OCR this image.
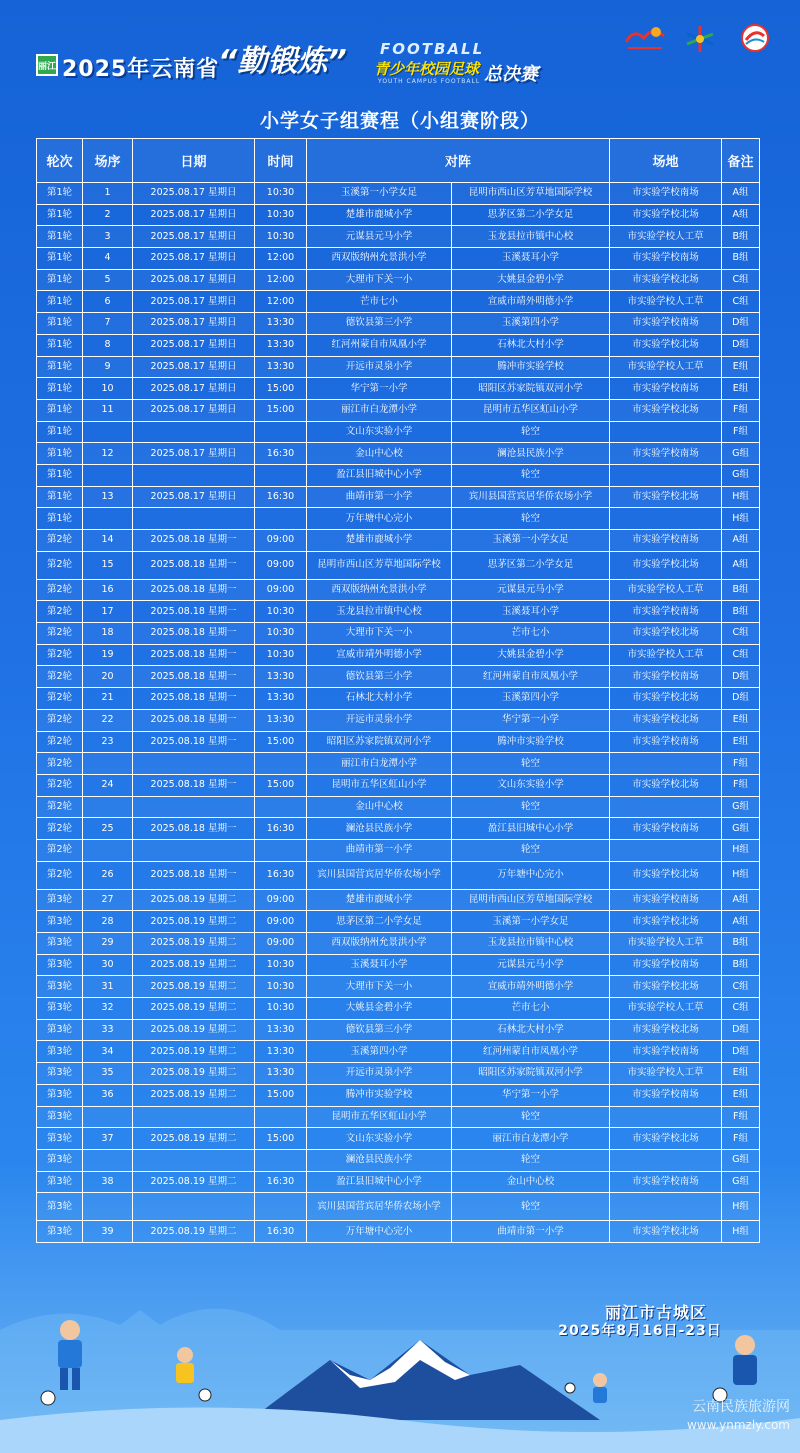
丽江 2025年云南省
“勤锻炼” FOOTBALL
青少年校园足球 总决赛
YOUTH CAMPUS FOOTBALL
小学女子组赛程（小组赛阶段）
轮次	场序	日期	时间	对阵		场地	备注
第1轮	1	2025.08.17 星期日	10:30	玉溪第一小学女足	昆明市西山区芳草地国际学校	市实验学校南场	A组
第1轮	2	2025.08.17 星期日	10:30	楚雄市鹿城小学	思茅区第二小学女足	市实验学校北场	A组
第1轮	3	2025.08.17 星期日	10:30	元谋县元马小学	玉龙县拉市镇中心校	市实验学校人工草	B组
第1轮	4	2025.08.17 星期日	12:00	西双版纳州允景洪小学	玉溪聂耳小学	市实验学校南场	B组
第1轮	5	2025.08.17 星期日	12:00	大理市下关一小	大姚县金碧小学	市实验学校北场	C组
第1轮	6	2025.08.17 星期日	12:00	芒市七小	宣威市靖外明德小学	市实验学校人工草	C组
第1轮	7	2025.08.17 星期日	13:30	德钦县第三小学	玉溪第四小学	市实验学校南场	D组
第1轮	8	2025.08.17 星期日	13:30	红河州蒙自市凤凰小学	石林北大村小学	市实验学校北场	D组
第1轮	9	2025.08.17 星期日	13:30	开远市灵泉小学	腾冲市实验学校	市实验学校人工草	E组
第1轮	10	2025.08.17 星期日	15:00	华宁第一小学	昭阳区苏家院镇双河小学	市实验学校南场	E组
第1轮	11	2025.08.17 星期日	15:00	丽江市白龙潭小学	昆明市五华区虹山小学	市实验学校北场	F组
第1轮				文山东实验小学	轮空		F组
第1轮	12	2025.08.17 星期日	16:30	金山中心校	澜沧县民族小学	市实验学校南场	G组
第1轮				盈江县旧城中心小学	轮空		G组
第1轮	13	2025.08.17 星期日	16:30	曲靖市第一小学	宾川县国营宾居华侨农场小学	市实验学校北场	H组
第1轮				万年塘中心完小	轮空		H组
第2轮	14	2025.08.18 星期一	09:00	楚雄市鹿城小学	玉溪第一小学女足	市实验学校南场	A组
第2轮	15	2025.08.18 星期一	09:00	昆明市西山区芳草地国际学校	思茅区第二小学女足	市实验学校北场	A组
第2轮	16	2025.08.18 星期一	09:00	西双版纳州允景洪小学	元谋县元马小学	市实验学校人工草	B组
第2轮	17	2025.08.18 星期一	10:30	玉龙县拉市镇中心校	玉溪聂耳小学	市实验学校南场	B组
第2轮	18	2025.08.18 星期一	10:30	大理市下关一小	芒市七小	市实验学校北场	C组
第2轮	19	2025.08.18 星期一	10:30	宣威市靖外明德小学	大姚县金碧小学	市实验学校人工草	C组
第2轮	20	2025.08.18 星期一	13:30	德钦县第三小学	红河州蒙自市凤凰小学	市实验学校南场	D组
第2轮	21	2025.08.18 星期一	13:30	石林北大村小学	玉溪第四小学	市实验学校北场	D组
第2轮	22	2025.08.18 星期一	13:30	开远市灵泉小学	华宁第一小学	市实验学校北场	E组
第2轮	23	2025.08.18 星期一	15:00	昭阳区苏家院镇双河小学	腾冲市实验学校	市实验学校南场	E组
第2轮				丽江市白龙潭小学	轮空		F组
第2轮	24	2025.08.18 星期一	15:00	昆明市五华区虹山小学	文山东实验小学	市实验学校北场	F组
第2轮				金山中心校	轮空		G组
第2轮	25	2025.08.18 星期一	16:30	澜沧县民族小学	盈江县旧城中心小学	市实验学校南场	G组
第2轮				曲靖市第一小学	轮空		H组
第2轮	26	2025.08.18 星期一	16:30	宾川县国营宾居华侨农场小学	万年塘中心完小	市实验学校北场	H组
第3轮	27	2025.08.19 星期二	09:00	楚雄市鹿城小学	昆明市西山区芳草地国际学校	市实验学校南场	A组
第3轮	28	2025.08.19 星期二	09:00	思茅区第二小学女足	玉溪第一小学女足	市实验学校北场	A组
第3轮	29	2025.08.19 星期二	09:00	西双版纳州允景洪小学	玉龙县拉市镇中心校	市实验学校人工草	B组
第3轮	30	2025.08.19 星期二	10:30	玉溪聂耳小学	元谋县元马小学	市实验学校南场	B组
第3轮	31	2025.08.19 星期二	10:30	大理市下关一小	宣威市靖外明德小学	市实验学校北场	C组
第3轮	32	2025.08.19 星期二	10:30	大姚县金碧小学	芒市七小	市实验学校人工草	C组
第3轮	33	2025.08.19 星期二	13:30	德钦县第三小学	石林北大村小学	市实验学校北场	D组
第3轮	34	2025.08.19 星期二	13:30	玉溪第四小学	红河州蒙自市凤凰小学	市实验学校南场	D组
第3轮	35	2025.08.19 星期二	13:30	开远市灵泉小学	昭阳区苏家院镇双河小学	市实验学校人工草	E组
第3轮	36	2025.08.19 星期二	15:00	腾冲市实验学校	华宁第一小学	市实验学校南场	E组
第3轮				昆明市五华区虹山小学	轮空		F组
第3轮	37	2025.08.19 星期二	15:00	文山东实验小学	丽江市白龙潭小学	市实验学校北场	F组
第3轮				澜沧县民族小学	轮空		G组
第3轮	38	2025.08.19 星期二	16:30	盈江县旧城中心小学	金山中心校	市实验学校南场	G组
第3轮				宾川县国营宾居华侨农场小学	轮空		H组
第3轮	39	2025.08.19 星期二	16:30	万年塘中心完小	曲靖市第一小学	市实验学校北场	H组
丽江市古城区
2025年8月16日-23日
云南民族旅游网
www.ynmzly.com
